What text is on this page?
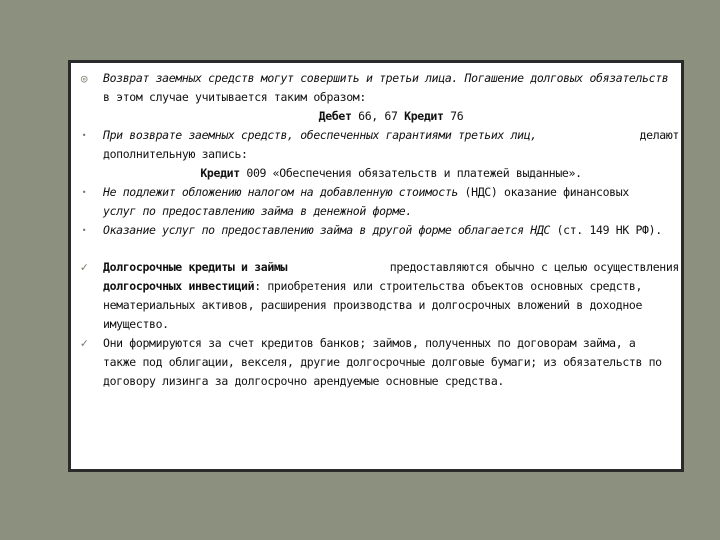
◎	Возврат заемных средств могут совершить и третьи лица. Погашение долговых обязательств
в этом случае учитывается таким образом:
Дебет 66, 67 Кредит 76
•	При возврате заемных средств, обеспеченных гарантиями третьих лиц,	делают
дополнительную запись:
Кредит 009 «Обеспечения обязательств и платежей выданные».
•	Не подлежит обложению налогом на добавленную стоимость (НДС) оказание финансовых
услуг по предоставлению займа в денежной форме.
•	Оказание услуг по предоставлению займа в другой форме облагается НДС (ст. 149 НК РФ).
✓	Долгосрочные кредиты и займы	предоставляются обычно с целью осуществления
долгосрочных инвестиций: приобретения или строительства объектов основных средств,
нематериальных активов, расширения производства и долгосрочных вложений в доходное
имущество.
✓	Они формируются за счет кредитов банков; займов, полученных по договорам займа, а
также под облигации, векселя, другие долгосрочные долговые бумаги; из обязательств по
договору лизинга за долгосрочно арендуемые основные средства.
